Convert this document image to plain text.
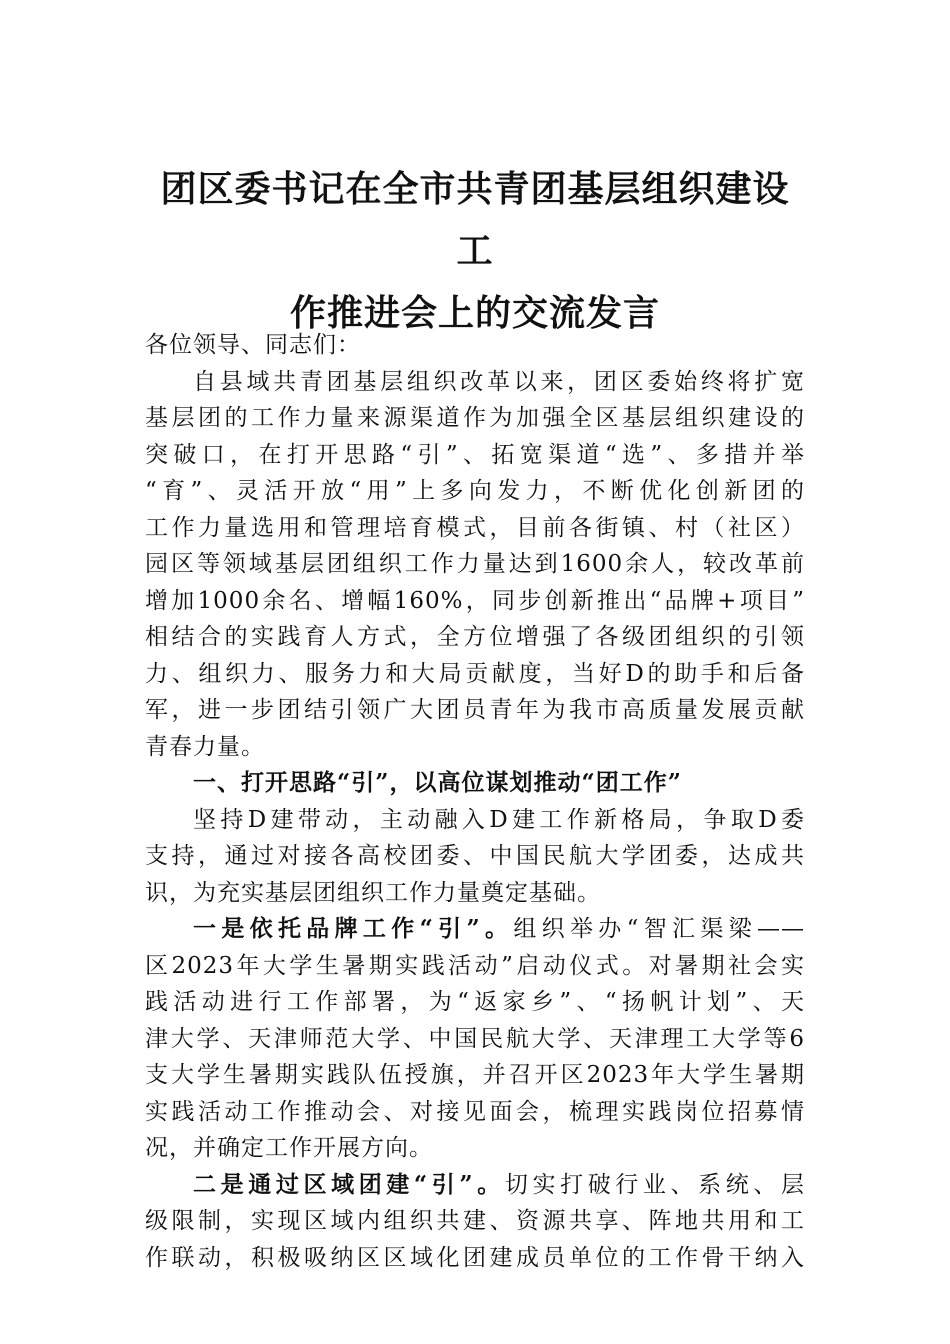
团区委书记在全市共青团基层组织建设工
作推进会上的交流发言
各位领导、同志们：
自县域共青团基层组织改革以来，团区委始终将扩宽
基层团的工作力量来源渠道作为加强全区基层组织建设的
突破口，在打开思路“引”、拓宽渠道“选”、多措并举
“育”、灵活开放“用”上多向发力，不断优化创新团的
工作力量选用和管理培育模式，目前各街镇、村（社区）
园区等领域基层团组织工作力量达到1600余人，较改革前
增加1000余名、增幅160%，同步创新推出“品牌+项目”
相结合的实践育人方式，全方位增强了各级团组织的引领
力、组织力、服务力和大局贡献度，当好D的助手和后备
军，进一步团结引领广大团员青年为我市高质量发展贡献
青春力量。
一、打开思路“引”，以高位谋划推动“团工作”
坚持D建带动，主动融入D建工作新格局，争取D委
支持，通过对接各高校团委、中国民航大学团委，达成共
识，为充实基层团组织工作力量奠定基础。
一是依托品牌工作“引”。组织举办“智汇渠梁——
区2023年大学生暑期实践活动”启动仪式。对暑期社会实
践活动进行工作部署，为“返家乡”、“扬帆计划”、天
津大学、天津师范大学、中国民航大学、天津理工大学等6
支大学生暑期实践队伍授旗，并召开区2023年大学生暑期
实践活动工作推动会、对接见面会，梳理实践岗位招募情
况，并确定工作开展方向。
二是通过区域团建“引”。切实打破行业、系统、层
级限制，实现区域内组织共建、资源共享、阵地共用和工
作联动，积极吸纳区区域化团建成员单位的工作骨干纳入
